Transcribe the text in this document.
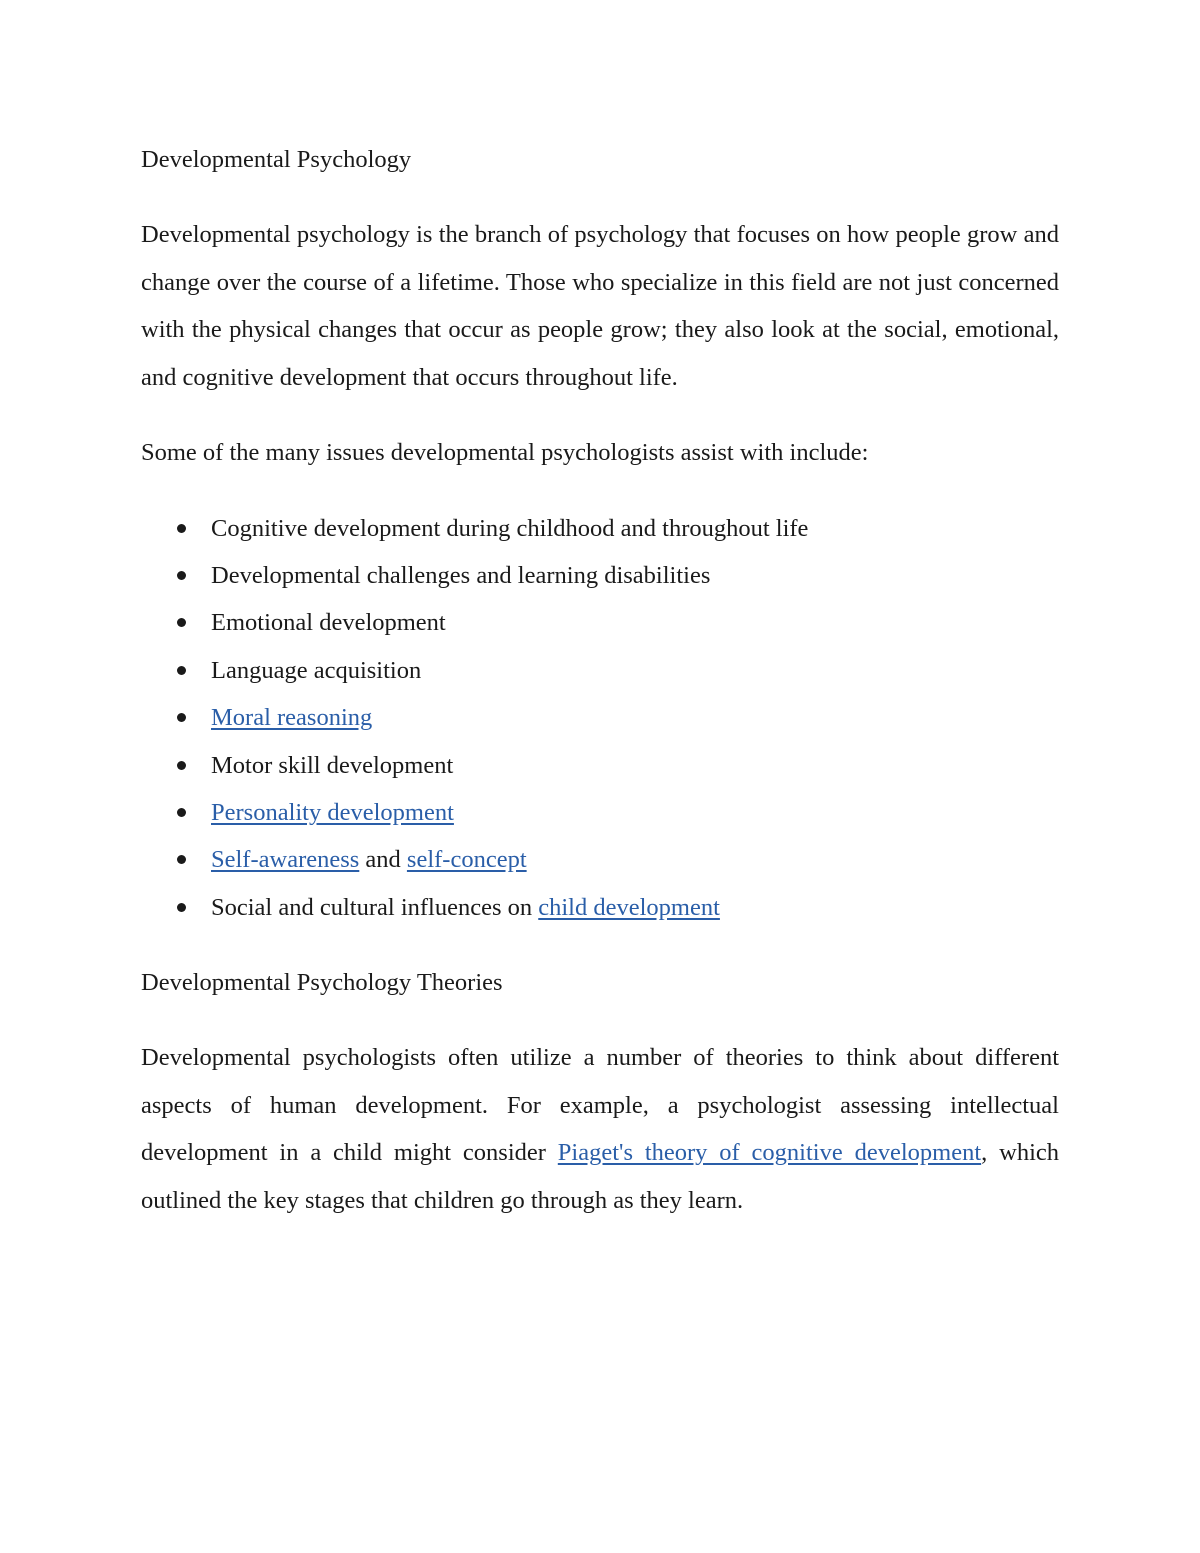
Developmental Psychology

Developmental psychology is the branch of psychology that focuses on how people grow and change over the course of a lifetime. Those who specialize in this field are not just concerned with the physical changes that occur as people grow; they also look at the social, emotional, and cognitive development that occurs throughout life.

Some of the many issues developmental psychologists assist with include:

Cognitive development during childhood and throughout life
Developmental challenges and learning disabilities
Emotional development
Language acquisition
Moral reasoning
Motor skill development
Personality development
Self-awareness and self-concept
Social and cultural influences on child development
Developmental Psychology Theories

Developmental psychologists often utilize a number of theories to think about different aspects of human development. For example, a psychologist assessing intellectual development in a child might consider Piaget's theory of cognitive development, which outlined the key stages that children go through as they learn.
